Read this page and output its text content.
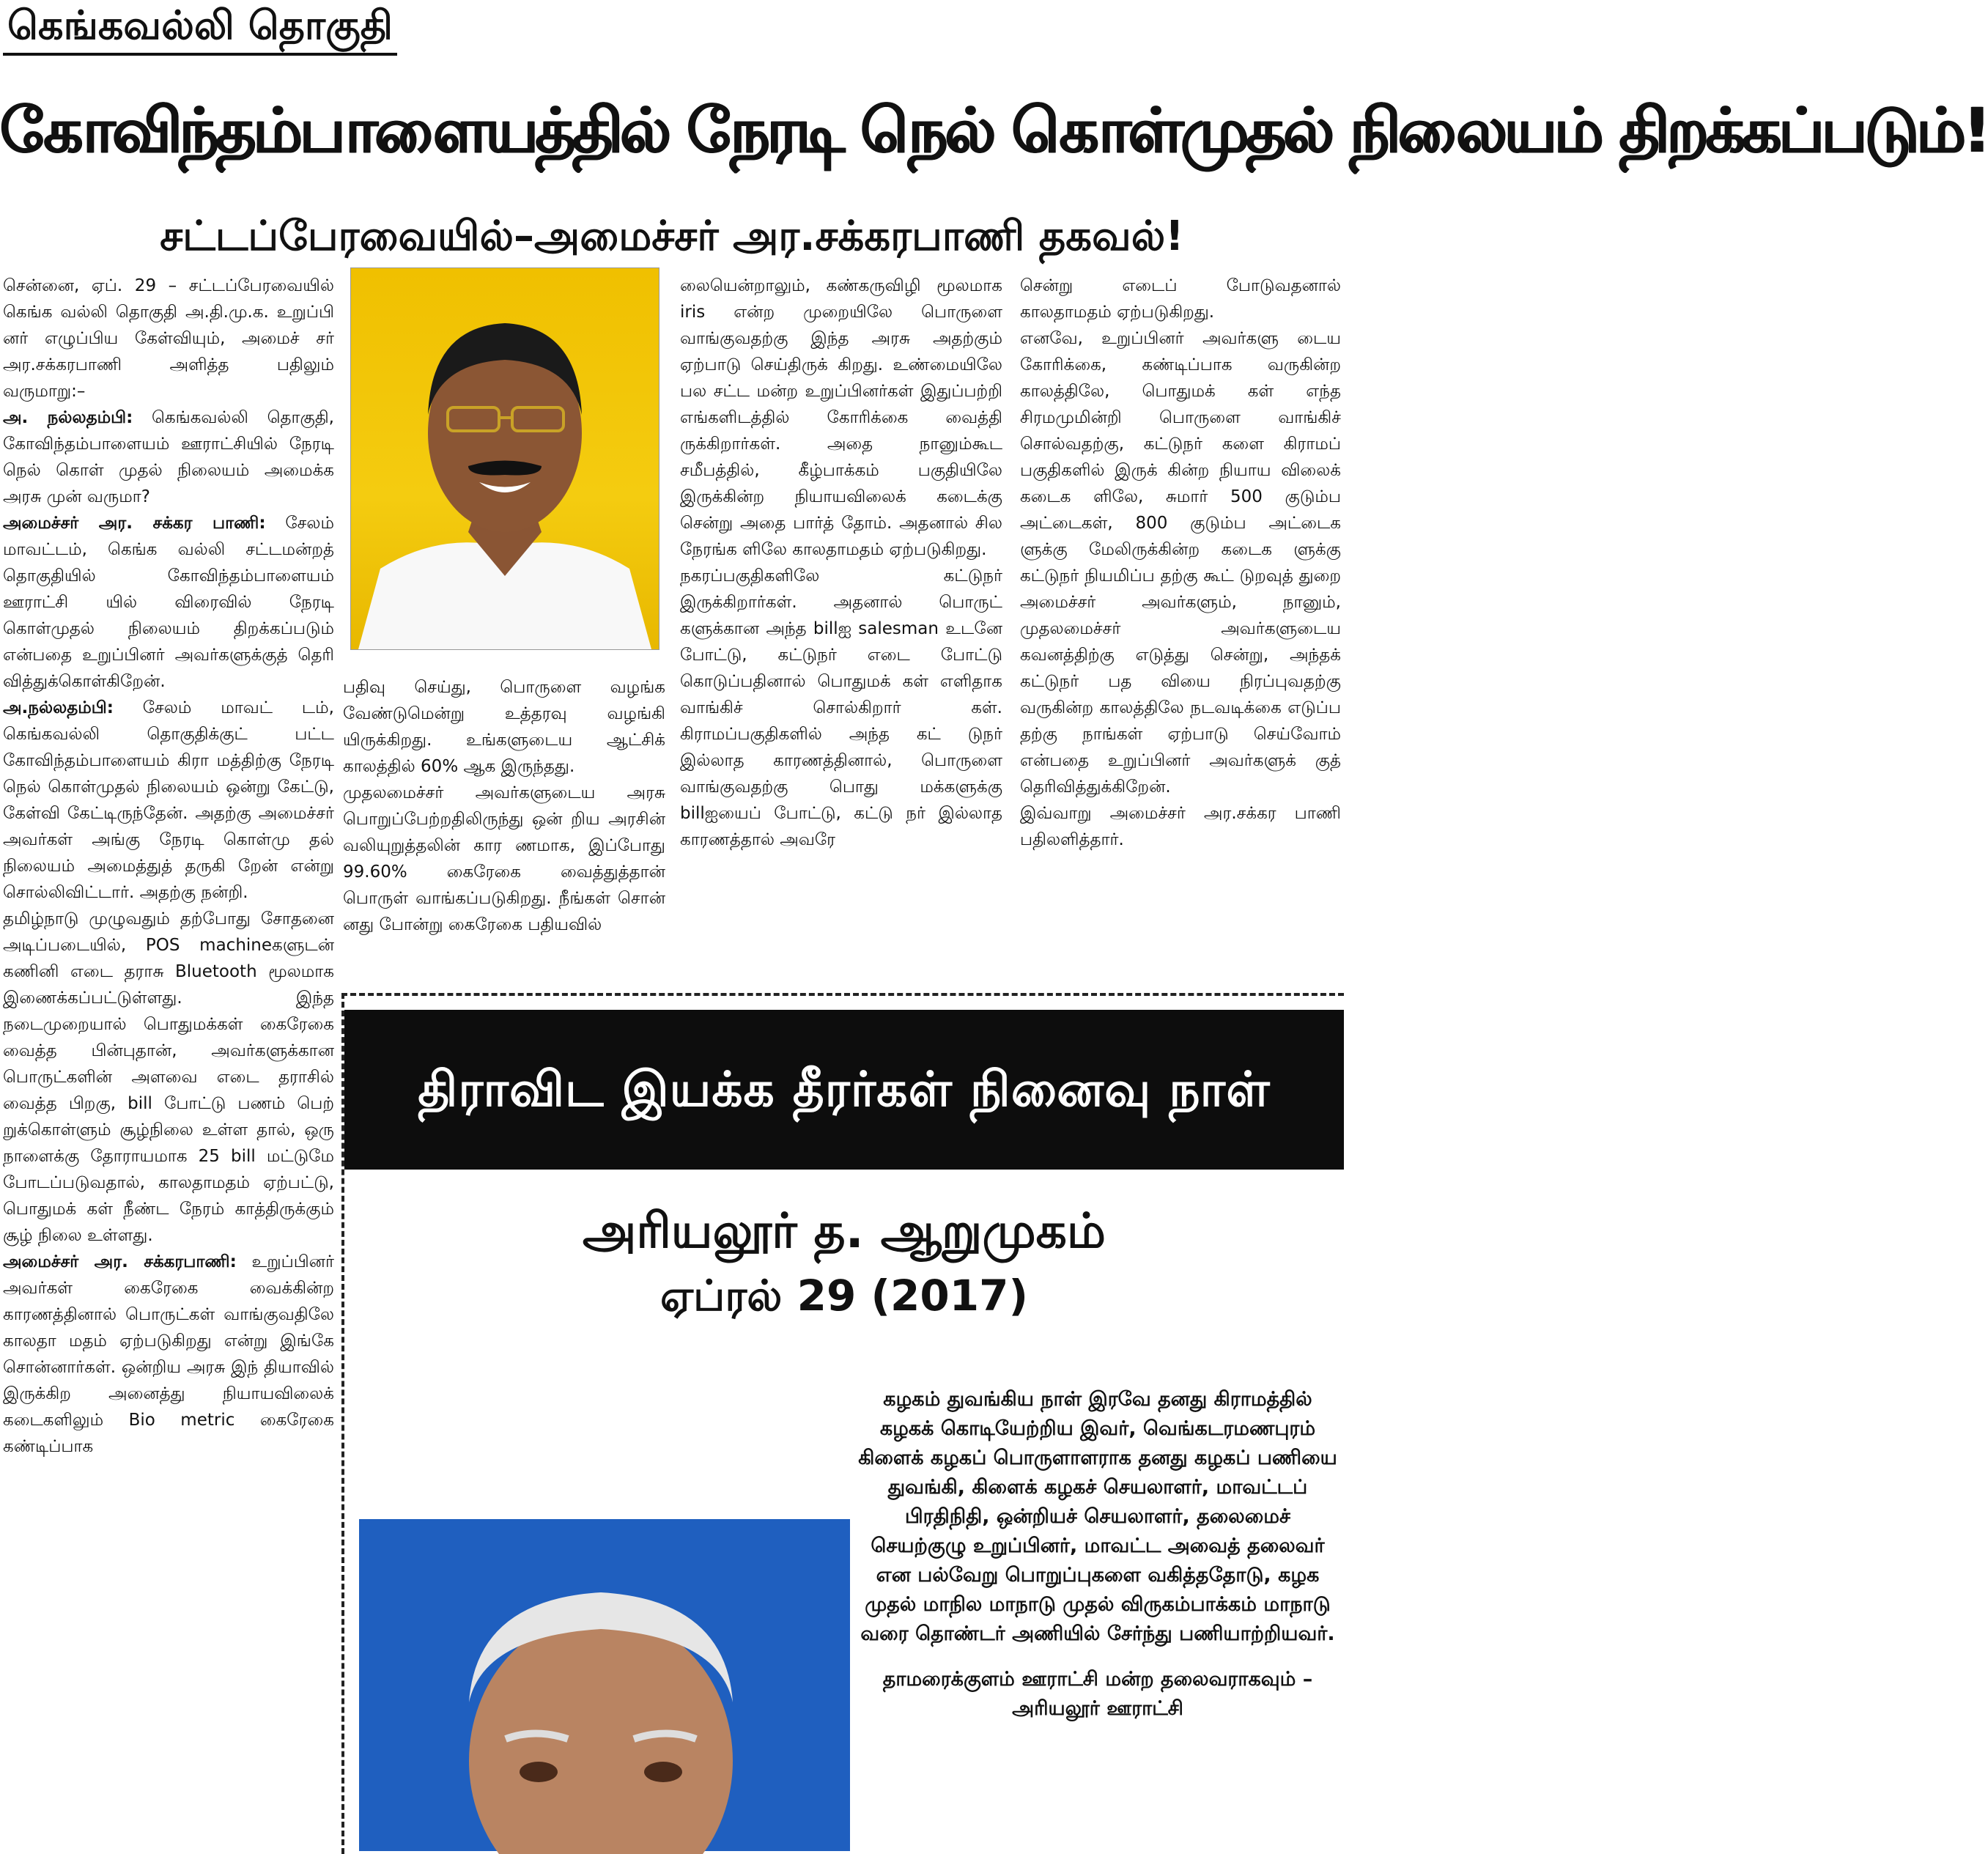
கெங்கவல்லி தொகுதி
கோவிந்தம்பாளையத்தில் நேரடி நெல் கொள்முதல் நிலையம் திறக்கப்படும்!
சட்டப்பேரவையில்–அமைச்சர் அர.சக்கரபாணி தகவல்!
சென்னை, ஏப். 29 – சட்டப்பேரவையில் கெங்க வல்லி தொகுதி அ.தி.மு.க. உறுப்பி னர் எழுப்பிய கேள்வியும், அமைச் சர் அர.சக்கரபாணி அளித்த பதிலும் வருமாறு:–
அ. நல்லதம்பி: கெங்கவல்லி தொகுதி, கோவிந்தம்பாளையம் ஊராட்சியில் நேரடி நெல் கொள் முதல் நிலையம் அமைக்க அரசு முன் வருமா?
அமைச்சர் அர. சக்கர பாணி: சேலம் மாவட்டம், கெங்க வல்லி சட்டமன்றத் தொகுதியில் கோவிந்தம்பாளையம் ஊராட்சி யில் விரைவில் நேரடி கொள்முதல் நிலையம் திறக்கப்படும் என்பதை உறுப்பினர் அவர்களுக்குத் தெரி வித்துக்கொள்கிறேன்.
அ.நல்லதம்பி: சேலம் மாவட் டம், கெங்கவல்லி தொகுதிக்குட் பட்ட கோவிந்தம்பாளையம் கிரா மத்திற்கு நேரடி நெல் கொள்முதல் நிலையம் ஒன்று கேட்டு, கேள்வி கேட்டிருந்தேன். அதற்கு அமைச்சர் அவர்கள் அங்கு நேரடி கொள்மு தல் நிலையம் அமைத்துத் தருகி றேன் என்று சொல்லிவிட்டார். அதற்கு நன்றி.
தமிழ்நாடு முழுவதும் தற்போது சோதனை அடிப்படையில், POS machineகளுடன் கணினி எடை தராசு Bluetooth மூலமாக இணைக்கப்பட்டுள்ளது. இந்த நடைமுறையால் பொதுமக்கள் கைரேகை வைத்த பின்புதான், அவர்களுக்கான பொருட்களின் அளவை எடை தராசில் வைத்த பிறகு, bill போட்டு பணம் பெற் றுக்கொள்ளும் சூழ்நிலை உள்ள தால், ஒரு நாளைக்கு தோராயமாக 25 bill மட்டுமே போடப்படுவதால், காலதாமதம் ஏற்பட்டு, பொதுமக் கள் நீண்ட நேரம் காத்திருக்கும் சூழ் நிலை உள்ளது.
அமைச்சர் அர. சக்கரபாணி: உறுப்பினர் அவர்கள் கைரேகை வைக்கின்ற காரணத்தினால் பொருட்கள் வாங்குவதிலே காலதா மதம் ஏற்படுகிறது என்று இங்கே சொன்னார்கள். ஒன்றிய அரசு இந் தியாவில் இருக்கிற அனைத்து நியாயவிலைக் கடைகளிலும் Bio metric கைரேகை கண்டிப்பாக
பதிவு செய்து, பொருளை வழங்க வேண்டுமென்று உத்தரவு வழங்கி யிருக்கிறது. உங்களுடைய ஆட்சிக் காலத்தில் 60% ஆக இருந்தது.
முதலமைச்சர் அவர்களுடைய அரசு பொறுப்பேற்றதிலிருந்து ஒன் றிய அரசின் வலியுறுத்தலின் கார ணமாக, இப்போது 99.60% கைரேகை வைத்துத்தான் பொருள் வாங்கப்படுகிறது. நீங்கள் சொன் னது போன்று கைரேகை பதியவில்
லையென்றாலும், கண்கருவிழி மூலமாக iris என்ற முறையிலே பொருளை வாங்குவதற்கு இந்த அரசு அதற்கும் ஏற்பாடு செய்திருக் கிறது. உண்மையிலே பல சட்ட மன்ற உறுப்பினர்கள் இதுப்பற்றி எங்களிடத்தில் கோரிக்கை வைத்தி ருக்கிறார்கள். அதை நானும்கூட சமீபத்தில், கீழ்பாக்கம் பகுதியிலே இருக்கின்ற நியாயவிலைக் கடைக்கு சென்று அதை பார்த் தோம். அதனால் சில நேரங்க ளிலே காலதாமதம் ஏற்படுகிறது.
நகரப்பகுதிகளிலே கட்டுநர் இருக்கிறார்கள். அதனால் பொருட் களுக்கான அந்த billஐ salesman உடனே போட்டு, கட்டுநர் எடை போட்டு கொடுப்பதினால் பொதுமக் கள் எளிதாக வாங்கிச் சொல்கிறார் கள். கிராமப்பகுதிகளில் அந்த கட் டுநர் இல்லாத காரணத்தினால், பொருளை வாங்குவதற்கு பொது மக்களுக்கு billஐயைப் போட்டு, கட்டு நர் இல்லாத காரணத்தால் அவரே
சென்று எடைப் போடுவதனால் காலதாமதம் ஏற்படுகிறது.
எனவே, உறுப்பினர் அவர்களு டைய கோரிக்கை, கண்டிப்பாக வருகின்ற காலத்திலே, பொதுமக் கள் எந்த சிரமமுமின்றி பொருளை வாங்கிச் சொல்வதற்கு, கட்டுநர் களை கிராமப் பகுதிகளில் இருக் கின்ற நியாய விலைக் கடைக ளிலே, சுமார் 500 குடும்ப அட்டைகள், 800 குடும்ப அட்டைக ளுக்கு மேலிருக்கின்ற கடைக ளுக்கு கட்டுநர் நியமிப்ப தற்கு கூட் டுறவுத் துறை அமைச்சர் அவர்களும், நானும், முதலமைச்சர் அவர்களுடைய கவனத்திற்கு எடுத்து சென்று, அந்தக் கட்டுநர் பத வியை நிரப்புவதற்கு வருகின்ற காலத்திலே நடவடிக்கை எடுப்ப தற்கு நாங்கள் ஏற்பாடு செய்வோம் என்பதை உறுப்பினர் அவர்களுக் குத் தெரிவித்துக்கிறேன்.
இவ்வாறு அமைச்சர் அர.சக்கர பாணி பதிலளித்தார்.
திராவிட இயக்க தீரர்கள் நினைவு நாள்
அரியலூர் த. ஆறுமுகம்
ஏப்ரல் 29 (2017)
கழகம் துவங்கிய நாள் இரவே தனது கிராமத்தில் கழகக் கொடியேற்றிய இவர், வெங்கடரமணபுரம் கிளைக் கழகப் பொருளாளராக தனது கழகப் பணியை துவங்கி, கிளைக் கழகச் செயலாளர், மாவட்டப் பிரதிநிதி, ஒன்றியச் செயலாளர், தலைமைச் செயற்குழு உறுப்பினர், மாவட்ட அவைத் தலைவர் என பல்வேறு பொறுப்புகளை வகித்ததோடு, கழக முதல் மாநில மாநாடு முதல் விருகம்பாக்கம் மாநாடு வரை தொண்டர் அணியில் சேர்ந்து பணியாற்றியவர்.

தாமரைக்குளம் ஊராட்சி மன்ற தலைவராகவும் – அரியலூர் ஊராட்சி
